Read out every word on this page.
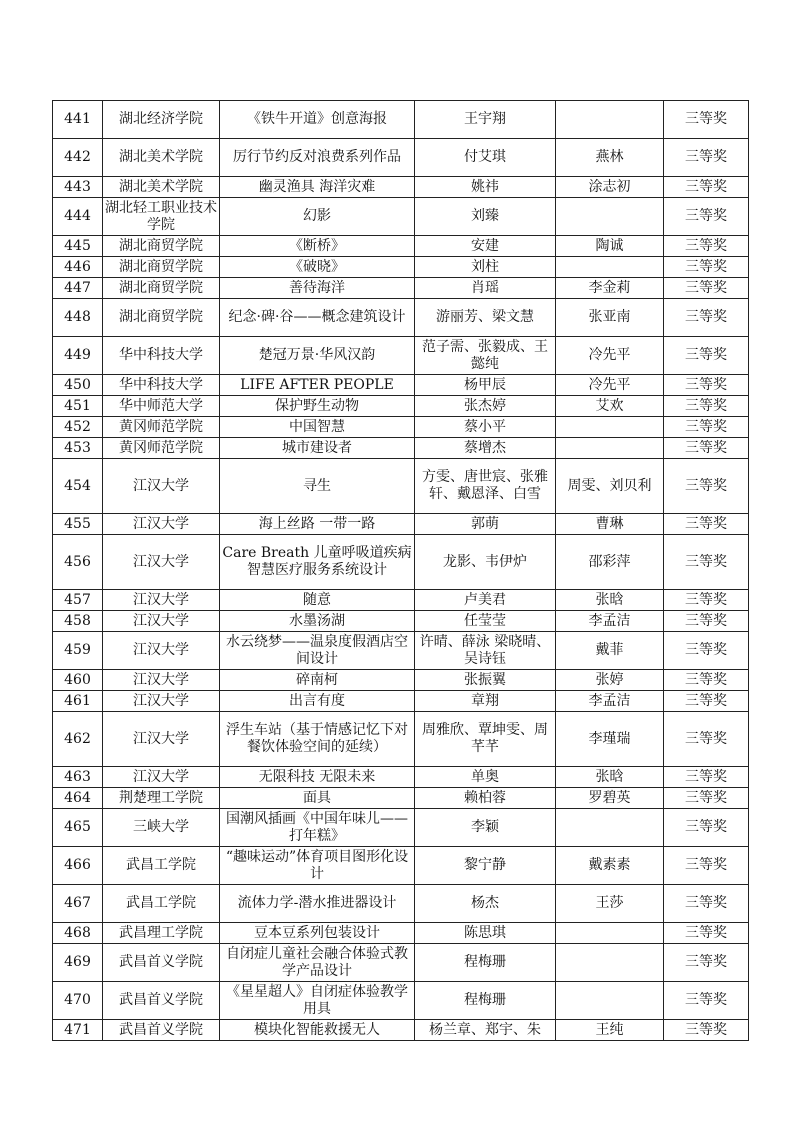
441	湖北经济学院	《铁牛开道》创意海报	王宇翔		三等奖
442	湖北美术学院	厉行节约反对浪费系列作品	付艾琪	燕林	三等奖
443	湖北美术学院	幽灵渔具 海洋灾难	姚祎	涂志初	三等奖
444	湖北轻工职业技术学院	幻影	刘臻		三等奖
445	湖北商贸学院	《断桥》	安建	陶诚	三等奖
446	湖北商贸学院	《破晓》	刘柱		三等奖
447	湖北商贸学院	善待海洋	肖瑶	李金莉	三等奖
448	湖北商贸学院	纪念·碑·谷——概念建筑设计	游丽芳、梁文慧	张亚南	三等奖
449	华中科技大学	楚冠万景·华风汉韵	范子需、张毅成、王懿纯	冷先平	三等奖
450	华中科技大学	LIFE AFTER PEOPLE	杨甲辰	冷先平	三等奖
451	华中师范大学	保护野生动物	张杰婷	艾欢	三等奖
452	黄冈师范学院	中国智慧	蔡小平		三等奖
453	黄冈师范学院	城市建设者	蔡增杰		三等奖
454	江汉大学	寻生	方雯、唐世宸、张雅轩、戴恩泽、白雪	周雯、刘贝利	三等奖
455	江汉大学	海上丝路 一带一路	郭萌	曹琳	三等奖
456	江汉大学	Care Breath 儿童呼吸道疾病智慧医疗服务系统设计	龙影、韦伊炉	邵彩萍	三等奖
457	江汉大学	随意	卢美君	张晗	三等奖
458	江汉大学	水墨汤湖	任莹莹	李孟洁	三等奖
459	江汉大学	水云绕梦——温泉度假酒店空间设计	许晴、薛泳 梁晓晴、吴诗钰	戴菲	三等奖
460	江汉大学	碎南柯	张振翼	张婷	三等奖
461	江汉大学	出言有度	章翔	李孟洁	三等奖
462	江汉大学	浮生车站（基于情感记忆下对餐饮体验空间的延续）	周雅欣、覃坤雯、周芊芊	李瑾瑞	三等奖
463	江汉大学	无限科技 无限未来	单奥	张晗	三等奖
464	荆楚理工学院	面具	赖柏蓉	罗碧英	三等奖
465	三峡大学	国潮风插画《中国年味儿——打年糕》	李颖		三等奖
466	武昌工学院	“趣味运动”体育项目图形化设计	黎宁静	戴素素	三等奖
467	武昌工学院	流体力学-潜水推进器设计	杨杰	王莎	三等奖
468	武昌理工学院	豆本豆系列包装设计	陈思琪		三等奖
469	武昌首义学院	自闭症儿童社会融合体验式教学产品设计	程梅珊		三等奖
470	武昌首义学院	《星星超人》自闭症体验教学用具	程梅珊		三等奖
471	武昌首义学院	模块化智能救援无人	杨兰章、郑宇、朱	王纯	三等奖
